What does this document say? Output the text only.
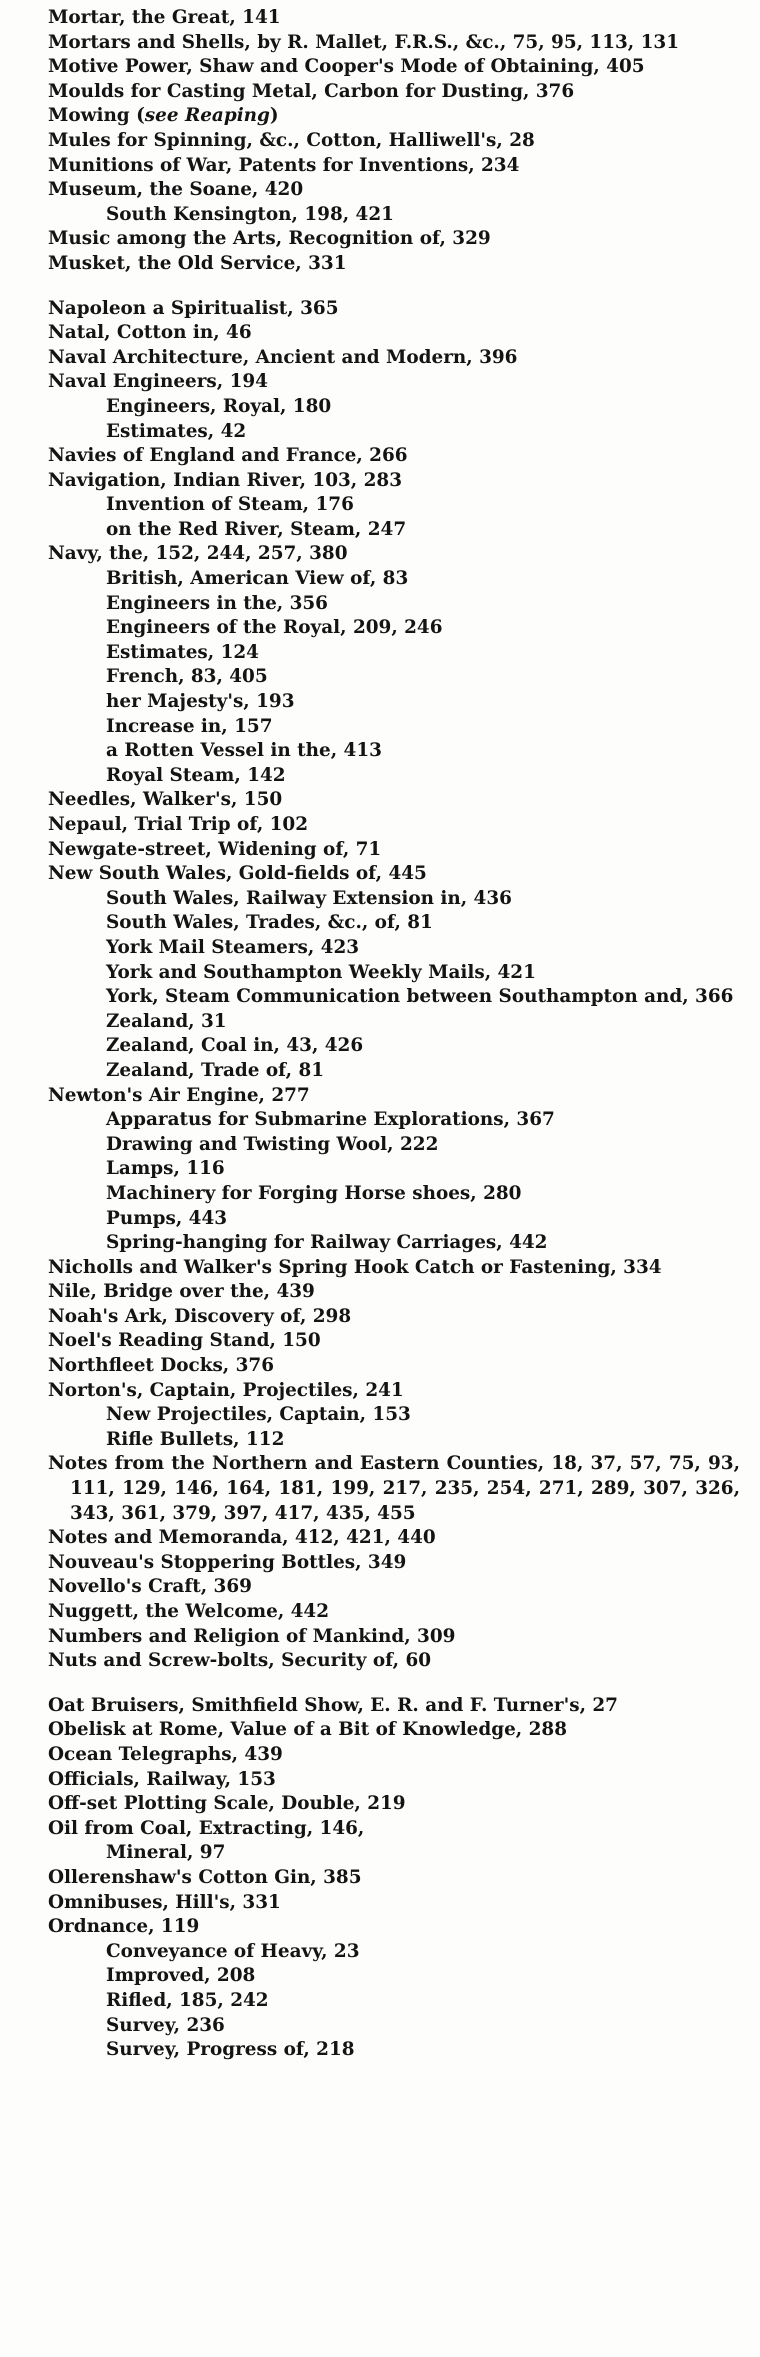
Mortar, the Great, 141
Mortars and Shells, by R. Mallet, F.R.S., &c., 75, 95, 113, 131
Motive Power, Shaw and Cooper's Mode of Obtaining, 405
Moulds for Casting Metal, Carbon for Dusting, 376
Mowing (see Reaping)
Mules for Spinning, &c., Cotton, Halliwell's, 28
Munitions of War, Patents for Inventions, 234
Museum, the Soane, 420
South Kensington, 198, 421
Music among the Arts, Recognition of, 329
Musket, the Old Service, 331
Napoleon a Spiritualist, 365
Natal, Cotton in, 46
Naval Architecture, Ancient and Modern, 396
Naval Engineers, 194
Engineers, Royal, 180
Estimates, 42
Navies of England and France, 266
Navigation, Indian River, 103, 283
Invention of Steam, 176
on the Red River, Steam, 247
Navy, the, 152, 244, 257, 380
British, American View of, 83
Engineers in the, 356
Engineers of the Royal, 209, 246
Estimates, 124
French, 83, 405
her Majesty's, 193
Increase in, 157
a Rotten Vessel in the, 413
Royal Steam, 142
Needles, Walker's, 150
Nepaul, Trial Trip of, 102
Newgate-street, Widening of, 71
New South Wales, Gold-fields of, 445
South Wales, Railway Extension in, 436
South Wales, Trades, &c., of, 81
York Mail Steamers, 423
York and Southampton Weekly Mails, 421
York, Steam Communication between Southampton and, 366
Zealand, 31
Zealand, Coal in, 43, 426
Zealand, Trade of, 81
Newton's Air Engine, 277
Apparatus for Submarine Explorations, 367
Drawing and Twisting Wool, 222
Lamps, 116
Machinery for Forging Horse shoes, 280
Pumps, 443
Spring-hanging for Railway Carriages, 442
Nicholls and Walker's Spring Hook Catch or Fastening, 334
Nile, Bridge over the, 439
Noah's Ark, Discovery of, 298
Noel's Reading Stand, 150
Northfleet Docks, 376
Norton's, Captain, Projectiles, 241
New Projectiles, Captain, 153
Rifle Bullets, 112
Notes from the Northern and Eastern Counties, 18, 37, 57, 75, 93, 111, 129, 146, 164, 181, 199, 217, 235, 254, 271, 289, 307, 326, 343, 361, 379, 397, 417, 435, 455
Notes and Memoranda, 412, 421, 440
Nouveau's Stoppering Bottles, 349
Novello's Craft, 369
Nuggett, the Welcome, 442
Numbers and Religion of Mankind, 309
Nuts and Screw-bolts, Security of, 60
Oat Bruisers, Smithfield Show, E. R. and F. Turner's, 27
Obelisk at Rome, Value of a Bit of Knowledge, 288
Ocean Telegraphs, 439
Officials, Railway, 153
Off-set Plotting Scale, Double, 219
Oil from Coal, Extracting, 146,
Mineral, 97
Ollerenshaw's Cotton Gin, 385
Omnibuses, Hill's, 331
Ordnance, 119
Conveyance of Heavy, 23
Improved, 208
Rifled, 185, 242
Survey, 236
Survey, Progress of, 218
